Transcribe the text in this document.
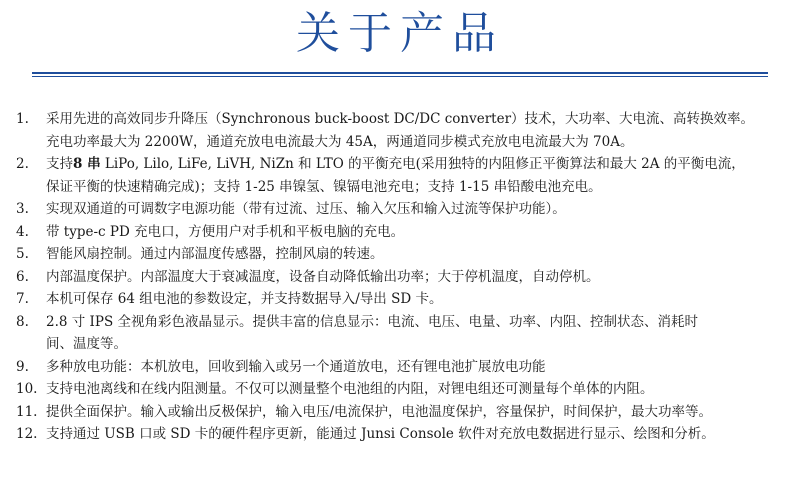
关于产品
1.	采用先进的高效同步升降压（Synchronous buck-boost DC/DC converter）技术，大功率、大电流、高转换效率。
充电功率最大为 2200W，通道充放电电流最大为 45A，两通道同步模式充放电电流最大为 70A。
2.	支持8 串 LiPo, Lilo, LiFe, LiVH, NiZn 和 LTO 的平衡充电(采用独特的内阻修正平衡算法和最大 2A 的平衡电流，
保证平衡的快速精确完成)；支持 1-25 串镍氢、镍镉电池充电；支持 1-15 串铅酸电池充电。
3.	实现双通道的可调数字电源功能（带有过流、过压、输入欠压和输入过流等保护功能）。
4.	带 type-c PD 充电口，方便用户对手机和平板电脑的充电。
5.	智能风扇控制。通过内部温度传感器，控制风扇的转速。
6.	内部温度保护。内部温度大于衰减温度，设备自动降低输出功率；大于停机温度，自动停机。
7.	本机可保存 64 组电池的参数设定，并支持数据导入/导出 SD 卡。
8.	2.8 寸 IPS 全视角彩色液晶显示。提供丰富的信息显示：电流、电压、电量、功率、内阻、控制状态、消耗时
间、温度等。
9.	多种放电功能：本机放电，回收到输入或另一个通道放电，还有锂电池扩展放电功能
10. 支持电池离线和在线内阻测量。不仅可以测量整个电池组的内阻，对锂电组还可测量每个单体的内阻。
11. 提供全面保护。输入或输出反极保护，输入电压/电流保护，电池温度保护，容量保护，时间保护，最大功率等。
12. 支持通过 USB 口或 SD 卡的硬件程序更新，能通过 Junsi Console 软件对充放电数据进行显示、绘图和分析。
